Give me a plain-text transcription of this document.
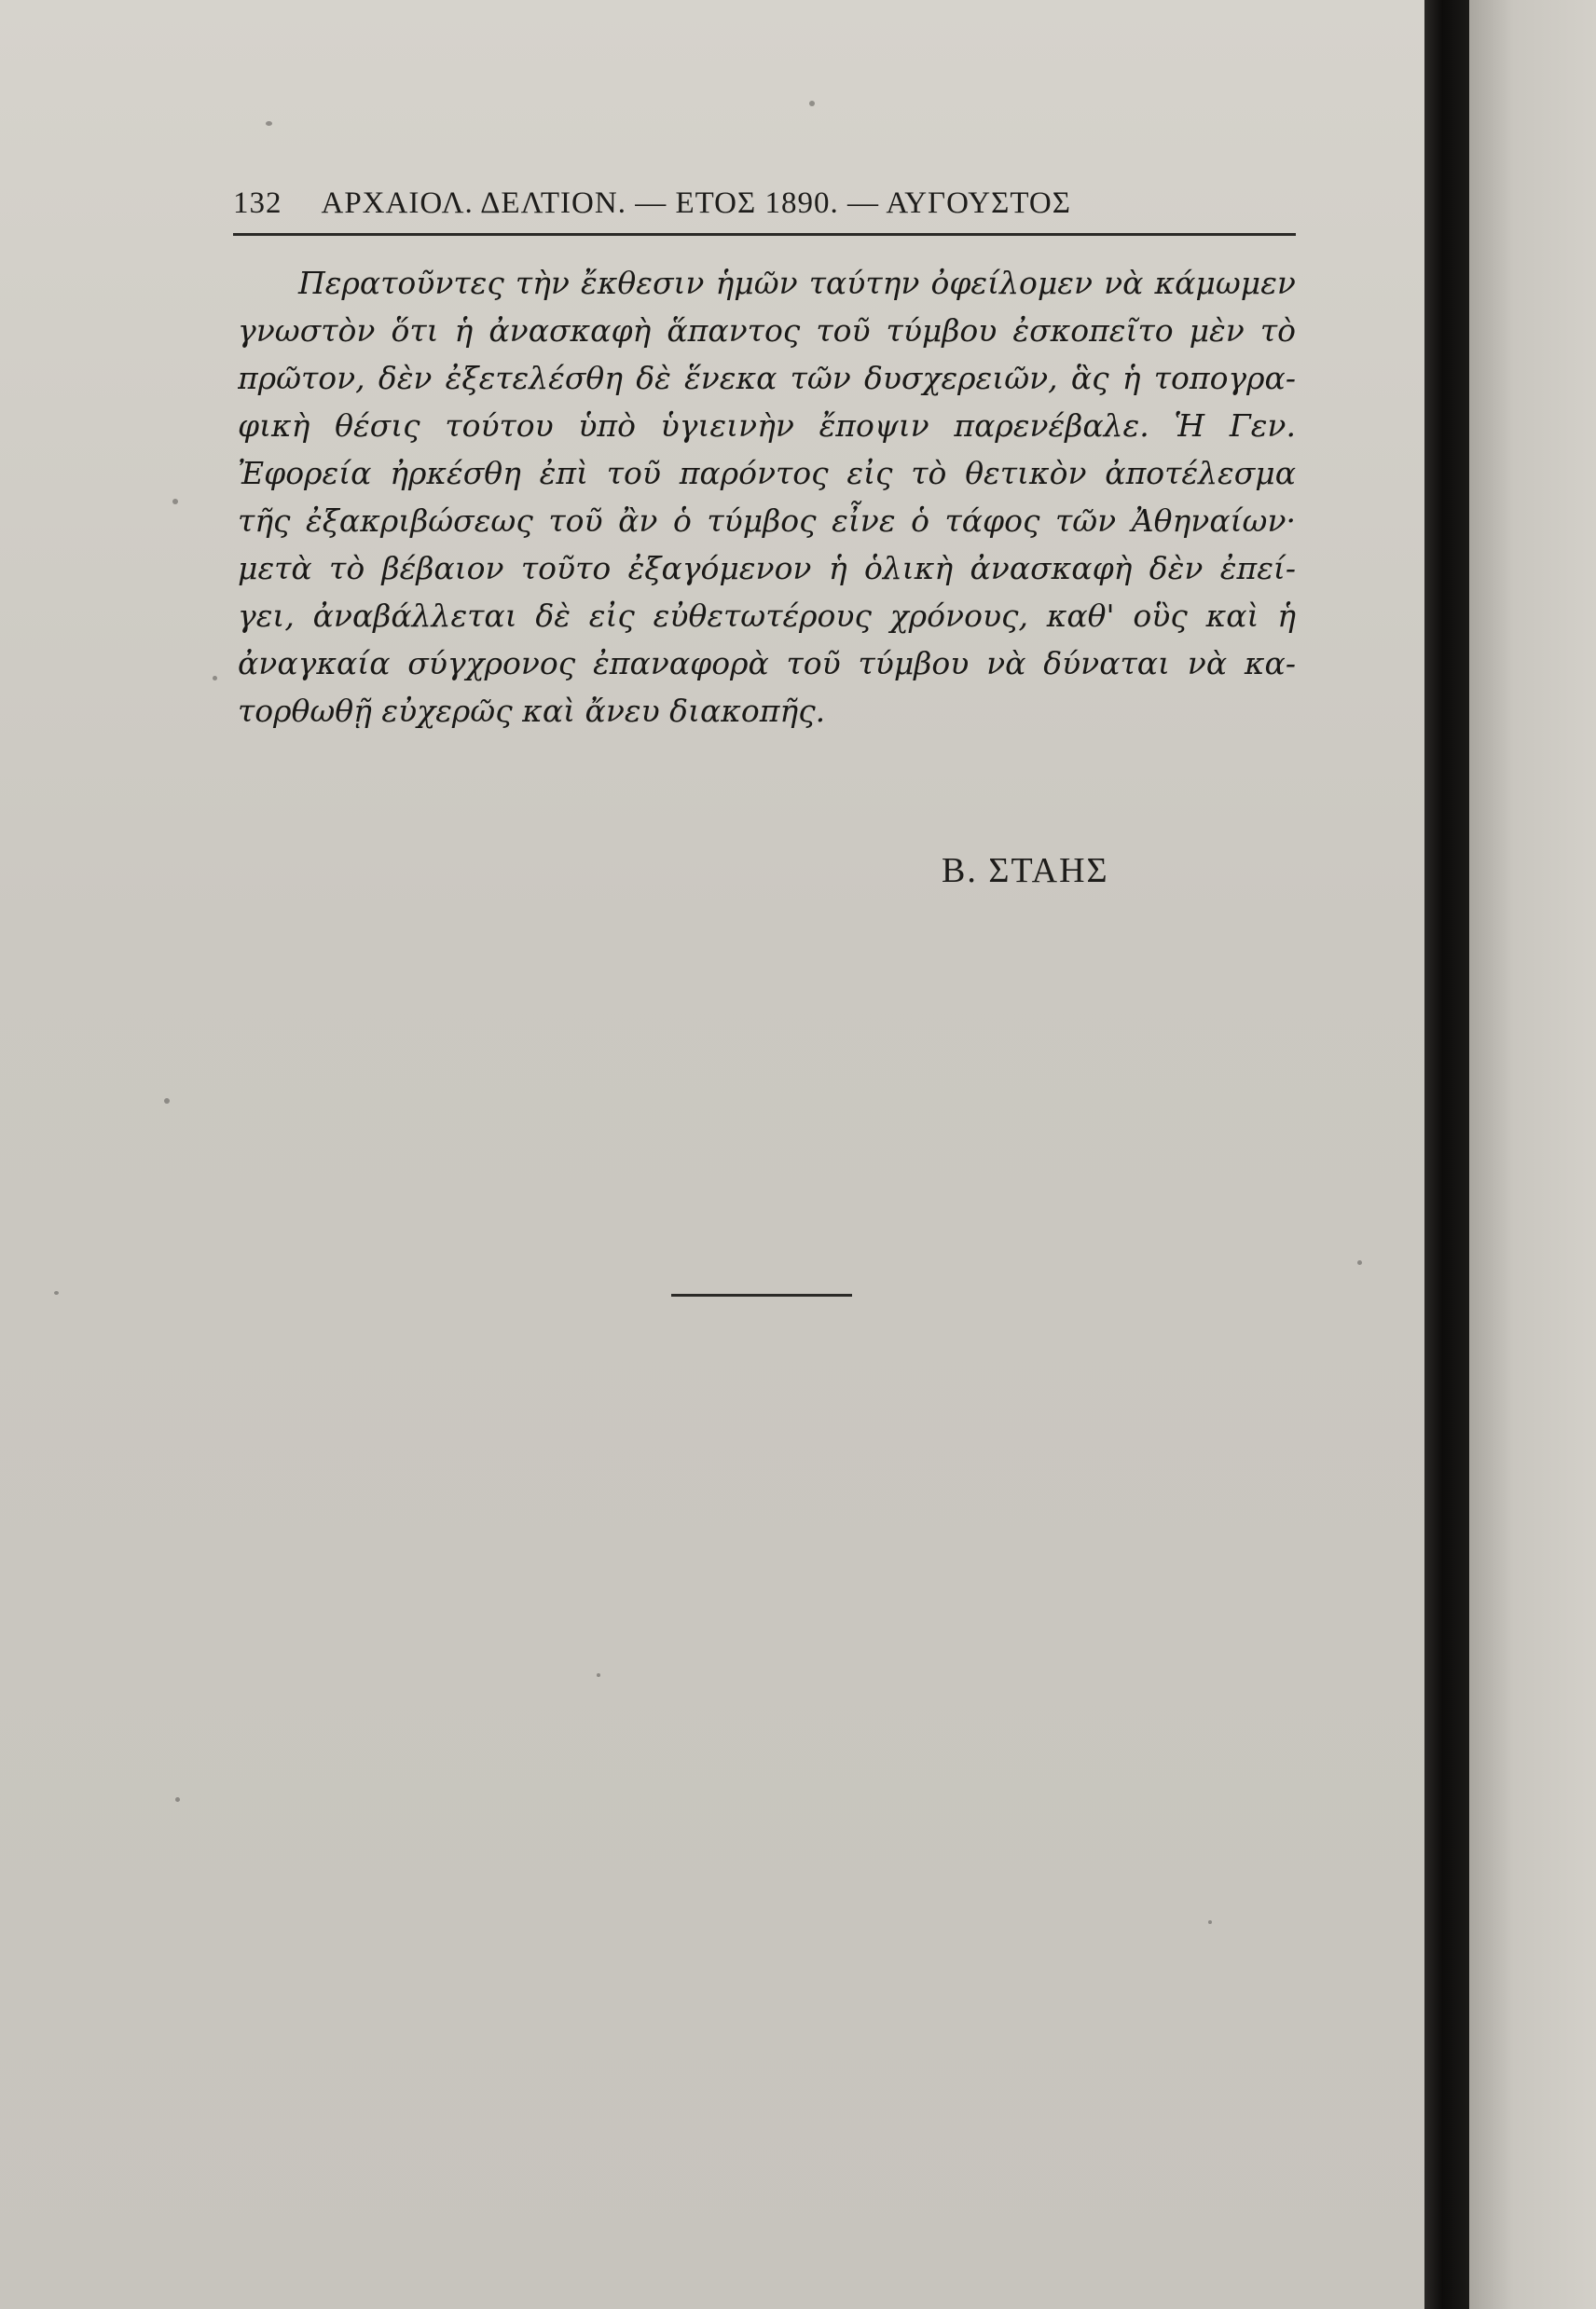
132 ΑΡΧΑΙΟΛ. ΔΕΛΤΙΟΝ. — ΕΤΟΣ 1890. — ΑΥΓΟΥΣΤΟΣ
Περατοῦντες τὴν ἔκθεσιν ἡμῶν ταύτην ὀφείλομεν νὰ κάμωμεν
γνωστὸν ὅτι ἡ ἀνασκαφὴ ἅπαντος τοῦ τύμβου ἐσκοπεῖτο μὲν τὸ
πρῶτον, δὲν ἐξετελέσθη δὲ ἕνεκα τῶν δυσχερειῶν, ἃς ἡ τοπογρα-
φικὴ θέσις τούτου ὑπὸ ὑγιεινὴν ἔποψιν παρενέβαλε. Ἡ Γεν.
Ἐφορεία ἠρκέσθη ἐπὶ τοῦ παρόντος εἰς τὸ θετικὸν ἀποτέλεσμα
τῆς ἐξακριβώσεως τοῦ ἂν ὁ τύμβος εἶνε ὁ τάφος τῶν Ἀθηναίων·
μετὰ τὸ βέβαιον τοῦτο ἐξαγόμενον ἡ ὁλικὴ ἀνασκαφὴ δὲν ἐπεί-
γει, ἀναβάλλεται δὲ εἰς εὐθετωτέρους χρόνους, καθ' οὓς καὶ ἡ
ἀναγκαία σύγχρονος ἐπαναφορὰ τοῦ τύμβου νὰ δύναται νὰ κα-
τορθωθῇ εὐχερῶς καὶ ἄνευ διακοπῆς.
Β. ΣΤΑΗΣ
